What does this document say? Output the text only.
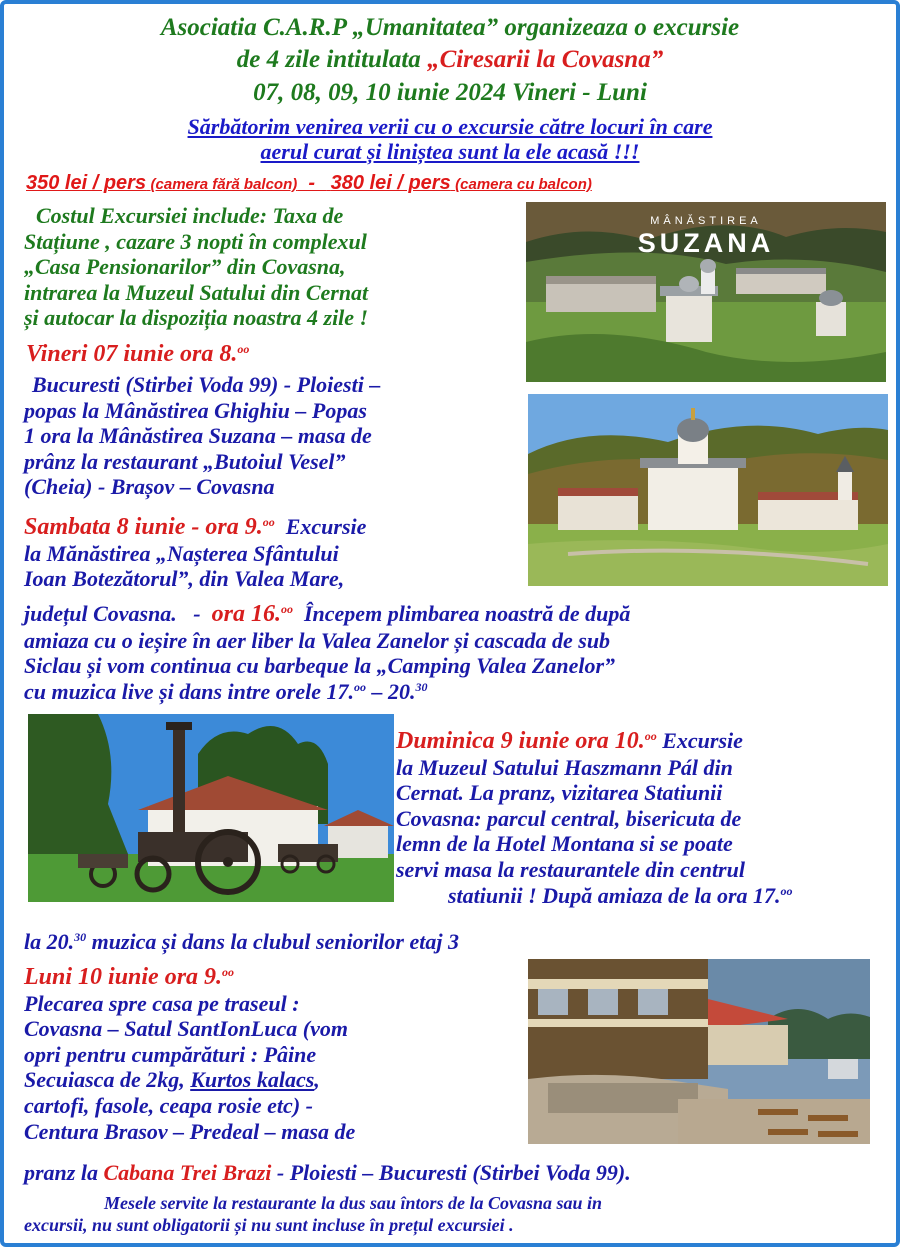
Asociatia C.A.R.P „Umanitatea” organizeaza o excursie
de 4 zile intitulata „Ciresarii la Covasna”
07, 08, 09, 10 iunie 2024 Vineri - Luni
Sărbătorim venirea verii cu o excursie către locuri în care
aerul curat și liniștea sunt la ele acasă !!!
350 lei / pers (camera fără balcon)  -   380 lei / pers (camera cu balcon)
Costul Excursiei include: Taxa de
Stațiune , cazare 3 nopti în complexul
„Casa Pensionarilor” din Covasna,
intrarea la Muzeul Satului din Cernat
și autocar la dispoziția noastra 4 zile !
Vineri 07 iunie ora 8.$^{oo}$
Bucuresti (Stirbei Voda 99) - Ploiesti –
popas la Mânăstirea Ghighiu – Popas
1 ora la Mânăstirea Suzana – masa de
prânz la restaurant „Butoiul Vesel”
(Cheia) - Brașov – Covasna
Sambata 8 iunie - ora 9.$^{oo}$  Excursie
la Mănăstirea „Nașterea Sfântului
Ioan Botezătorul”, din Valea Mare,
județul Covasna.   -  ora 16.$^{oo}$  Începem plimbarea noastră de după
amiaza cu o ieșire în aer liber la Valea Zanelor și cascada de sub
Siclau și vom continua cu barbeque la „Camping Valea Zanelor”
cu muzica live și dans intre orele 17.$^{oo}$ – 20.30
Duminica 9 iunie ora 10.$^{oo}$ Excursie
la Muzeul Satului Haszmann Pál din
Cernat. La pranz, vizitarea Statiunii
Covasna: parcul central, bisericuta de
lemn de la Hotel Montana si se poate
servi masa la restaurantele din centrul
statiunii ! După amiaza de la ora 17.$^{oo}$
la 20.30 muzica și dans la clubul seniorilor etaj 3
Luni 10 iunie ora 9.$^{oo}$
Plecarea spre casa pe traseul :
Covasna – Satul SantIonLuca (vom
opri pentru cumpărături : Pâine
Secuiasca de 2kg, Kurtos kalacs,
cartofi, fasole, ceapa rosie etc) -
Centura Brasov – Predeal – masa de
pranz la Cabana Trei Brazi - Ploiesti – Bucuresti (Stirbei Voda 99).
Mesele servite la restaurante la dus sau întors de la Covasna sau in
excursii, nu sunt obligatorii și nu sunt incluse în prețul excursiei .
MÂNĂSTIREA
SUZANA
